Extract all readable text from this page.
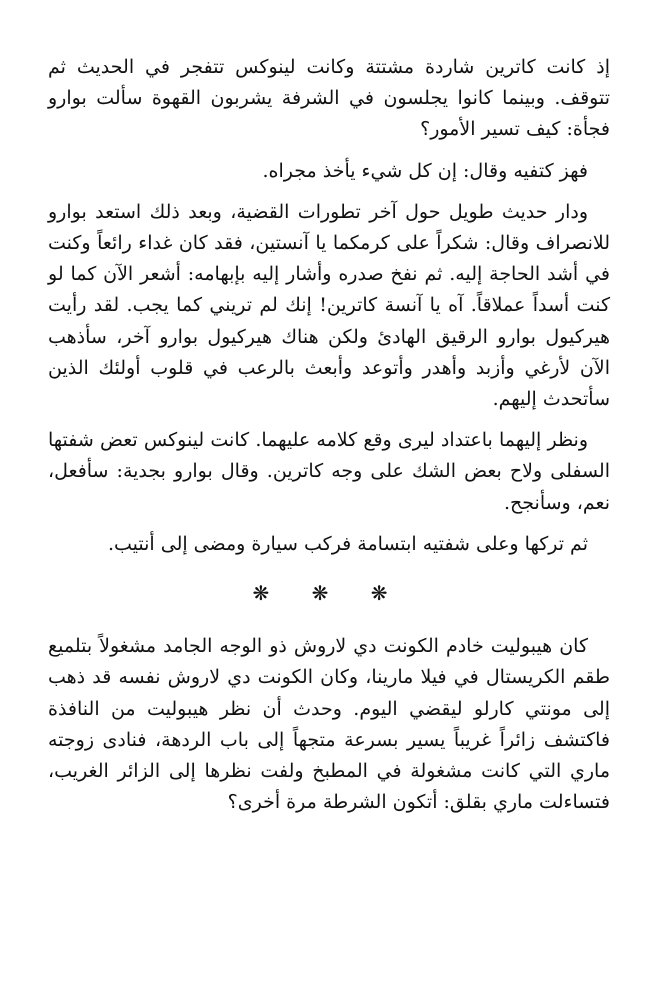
إذ كانت كاترين شاردة مشتتة وكانت لينوكس تتفجر في الحديث ثم تتوقف. وبينما كانوا يجلسون في الشرفة يشربون القهوة سألت بوارو فجأة: كيف تسير الأمور؟

فهز كتفيه وقال: إن كل شيء يأخذ مجراه.

ودار حديث طويل حول آخر تطورات القضية، وبعد ذلك استعد بوارو للانصراف وقال: شكراً على كرمكما يا آنستين، فقد كان غداء رائعاً وكنت في أشد الحاجة إليه. ثم نفخ صدره وأشار إليه بإبهامه: أشعر الآن كما لو كنت أسداً عملاقاً. آه يا آنسة كاترين! إنك لم تريني كما يجب. لقد رأيت هيركيول بوارو الرقيق الهادئ ولكن هناك هيركيول بوارو آخر، سأذهب الآن لأرغي وأزبد وأهدر وأتوعد وأبعث بالرعب في قلوب أولئك الذين سأتحدث إليهم.

ونظر إليهما باعتداد ليرى وقع كلامه عليهما. كانت لينوكس تعض شفتها السفلى ولاح بعض الشك على وجه كاترين. وقال بوارو بجدية: سأفعل، نعم، وسأنجح.

ثم تركها وعلى شفتيه ابتسامة فركب سيارة ومضى إلى أنتيب.

❋ ❋ ❋

كان هيبوليت خادم الكونت دي لاروش ذو الوجه الجامد مشغولاً بتلميع طقم الكريستال في فيلا مارينا، وكان الكونت دي لاروش نفسه قد ذهب إلى مونتي كارلو ليقضي اليوم. وحدث أن نظر هيبوليت من النافذة فاكتشف زائراً غريباً يسير بسرعة متجهاً إلى باب الردهة، فنادى زوجته ماري التي كانت مشغولة في المطبخ ولفت نظرها إلى الزائر الغريب، فتساءلت ماري بقلق: أتكون الشرطة مرة أخرى؟
